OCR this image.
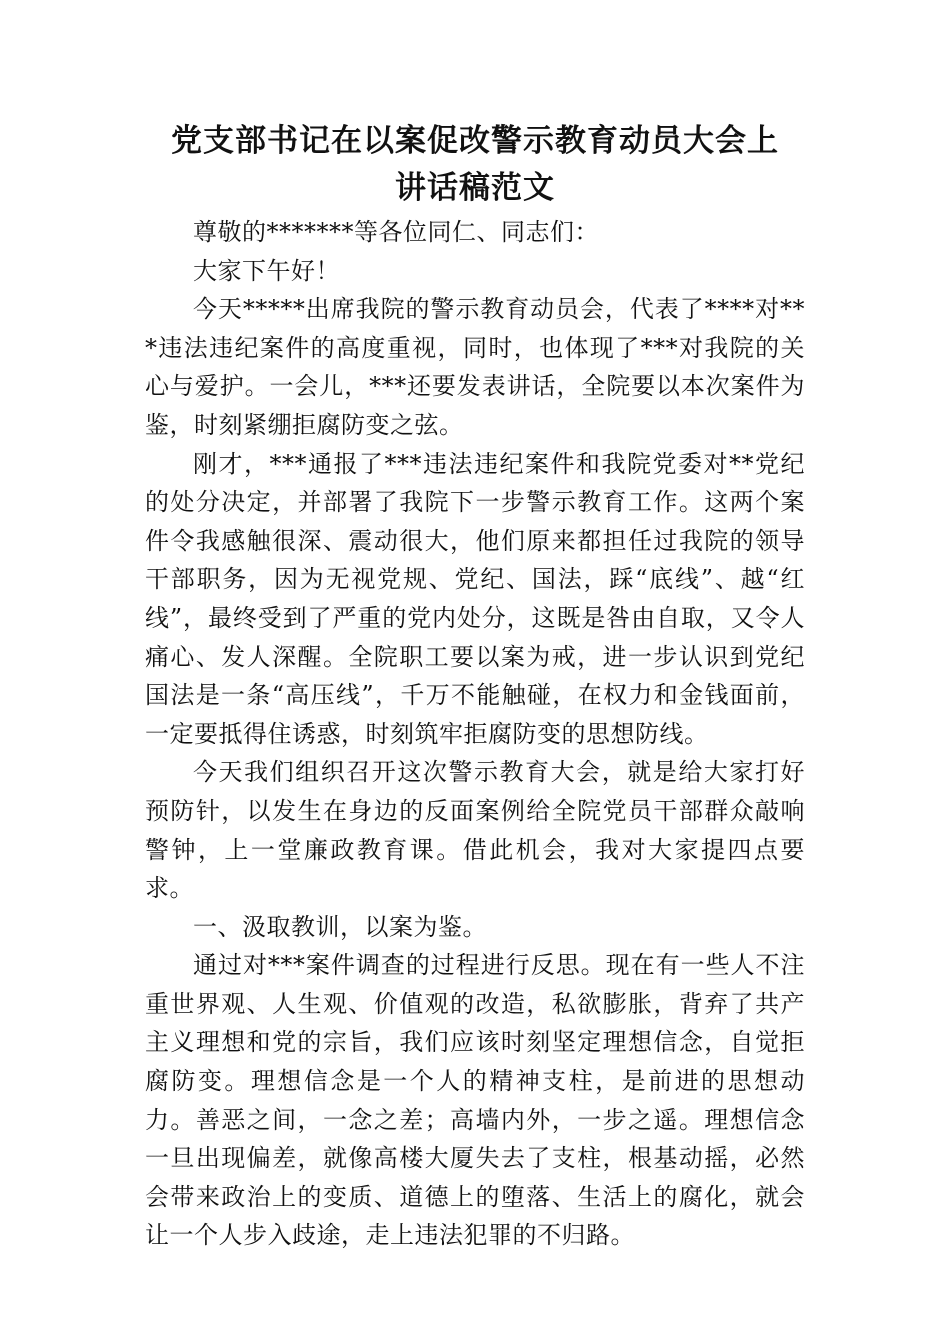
党支部书记在以案促改警示教育动员大会上
讲话稿范文

尊敬的*******等各位同仁、同志们：

大家下午好！

今天*****出席我院的警示教育动员会，代表了****对***违法违纪案件的高度重视，同时，也体现了***对我院的关心与爱护。一会儿，***还要发表讲话，全院要以本次案件为鉴，时刻紧绷拒腐防变之弦。

刚才，***通报了***违法违纪案件和我院党委对**党纪的处分决定，并部署了我院下一步警示教育工作。这两个案件令我感触很深、震动很大，他们原来都担任过我院的领导干部职务，因为无视党规、党纪、国法，踩“底线”、越“红线”，最终受到了严重的党内处分，这既是咎由自取，又令人痛心、发人深醒。全院职工要以案为戒，进一步认识到党纪国法是一条“高压线”，千万不能触碰，在权力和金钱面前，一定要抵得住诱惑，时刻筑牢拒腐防变的思想防线。

今天我们组织召开这次警示教育大会，就是给大家打好预防针，以发生在身边的反面案例给全院党员干部群众敲响警钟，上一堂廉政教育课。借此机会，我对大家提四点要求。

一、汲取教训，以案为鉴。

通过对***案件调查的过程进行反思。现在有一些人不注重世界观、人生观、价值观的改造，私欲膨胀，背弃了共产主义理想和党的宗旨，我们应该时刻坚定理想信念，自觉拒腐防变。理想信念是一个人的精神支柱，是前进的思想动力。善恶之间，一念之差；高墙内外，一步之遥。理想信念一旦出现偏差，就像高楼大厦失去了支柱，根基动摇，必然会带来政治上的变质、道德上的堕落、生活上的腐化，就会让一个人步入歧途，走上违法犯罪的不归路。
